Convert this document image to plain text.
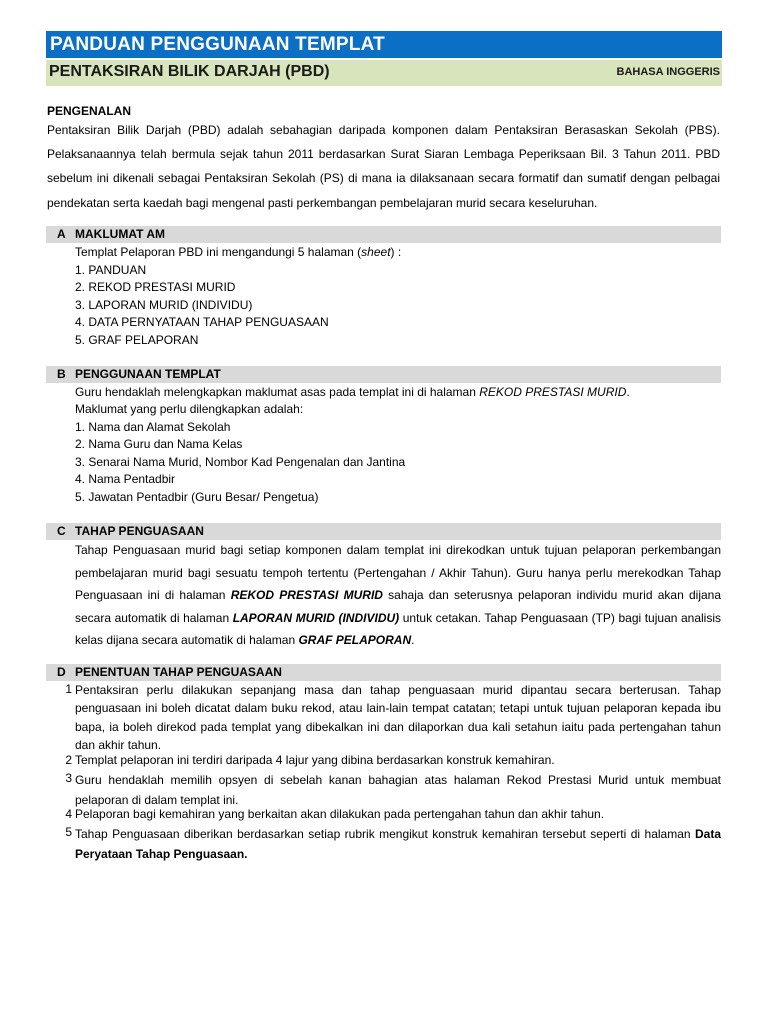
PANDUAN PENGGUNAAN TEMPLAT
PENTAKSIRAN BILIK DARJAH (PBD)	BAHASA INGGERIS
PENGENALAN
Pentaksiran Bilik Darjah (PBD) adalah sebahagian daripada komponen dalam Pentaksiran Berasaskan Sekolah (PBS). Pelaksanaannya telah bermula sejak tahun 2011 berdasarkan Surat Siaran Lembaga Peperiksaan Bil. 3 Tahun 2011. PBD sebelum ini dikenali sebagai Pentaksiran Sekolah (PS) di mana ia dilaksanaan secara formatif dan sumatif dengan pelbagai pendekatan serta kaedah bagi mengenal pasti perkembangan pembelajaran murid secara keseluruhan.
A MAKLUMAT AM
Templat Pelaporan PBD ini mengandungi 5 halaman (sheet) :
1. PANDUAN
2. REKOD PRESTASI MURID
3. LAPORAN MURID (INDIVIDU)
4. DATA PERNYATAAN TAHAP PENGUASAAN
5. GRAF PELAPORAN
B PENGGUNAAN TEMPLAT
Guru hendaklah melengkapkan maklumat asas pada templat ini di halaman REKOD PRESTASI MURID.
Maklumat yang perlu dilengkapkan adalah:
1. Nama dan Alamat Sekolah
2. Nama Guru dan Nama Kelas
3. Senarai Nama Murid, Nombor Kad Pengenalan dan Jantina
4. Nama Pentadbir
5. Jawatan Pentadbir (Guru Besar/ Pengetua)
C TAHAP PENGUASAAN
Tahap Penguasaan murid bagi setiap komponen dalam templat ini direkodkan untuk tujuan pelaporan perkembangan pembelajaran murid bagi sesuatu tempoh tertentu (Pertengahan / Akhir Tahun). Guru hanya perlu merekodkan Tahap Penguasaan ini di halaman REKOD PRESTASI MURID sahaja dan seterusnya pelaporan individu murid akan dijana secara automatik di halaman LAPORAN MURID (INDIVIDU) untuk cetakan. Tahap Penguasaan (TP) bagi tujuan analisis kelas dijana secara automatik di halaman GRAF PELAPORAN.
D PENENTUAN TAHAP PENGUASAAN
1 Pentaksiran perlu dilakukan sepanjang masa dan tahap penguasaan murid dipantau secara berterusan. Tahap penguasaan ini boleh dicatat dalam buku rekod, atau lain-lain tempat catatan; tetapi untuk tujuan pelaporan kepada ibu bapa, ia boleh direkod pada templat yang dibekalkan ini dan dilaporkan dua kali setahun iaitu pada pertengahan tahun dan akhir tahun.
2 Templat pelaporan ini terdiri daripada 4 lajur yang dibina berdasarkan konstruk kemahiran.
3 Guru hendaklah memilih opsyen di sebelah kanan bahagian atas halaman Rekod Prestasi Murid untuk membuat pelaporan di dalam templat ini.
4 Pelaporan bagi kemahiran yang berkaitan akan dilakukan pada pertengahan tahun dan akhir tahun.
5 Tahap Penguasaan diberikan berdasarkan setiap rubrik mengikut konstruk kemahiran tersebut seperti di halaman Data Peryataan Tahap Penguasaan.
